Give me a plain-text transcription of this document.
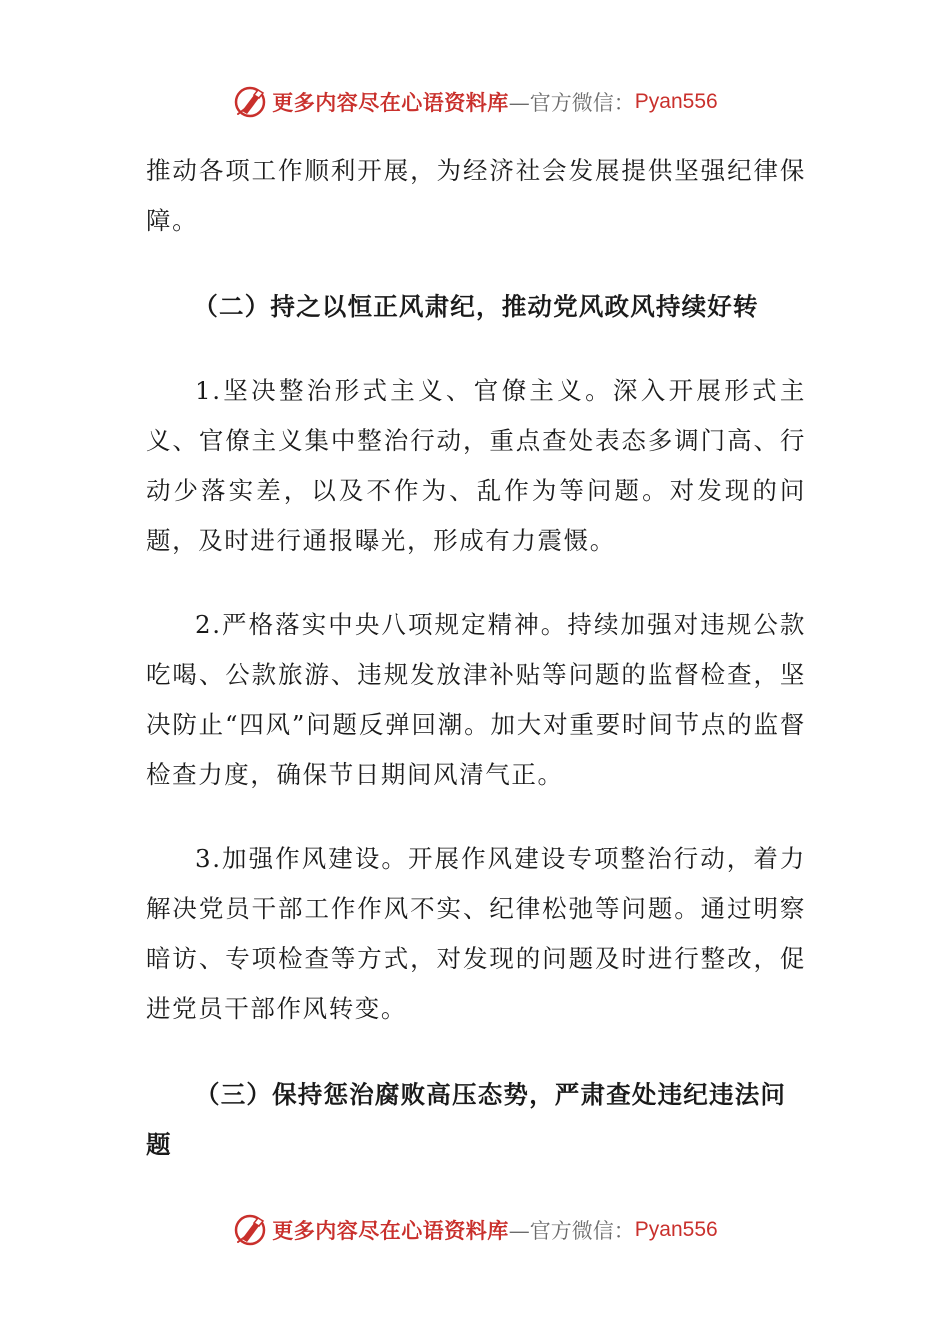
更多内容尽在心语资料库 —官方微信： Pyan556

推动各项工作顺利开展，为经济社会发展提供坚强纪律保障。

（二）持之以恒正风肃纪，推动党风政风持续好转

1.坚决整治形式主义、官僚主义。深入开展形式主义、官僚主义集中整治行动，重点查处表态多调门高、行动少落实差，以及不作为、乱作为等问题。对发现的问题，及时进行通报曝光，形成有力震慑。

2.严格落实中央八项规定精神。持续加强对违规公款吃喝、公款旅游、违规发放津补贴等问题的监督检查，坚决防止“四风”问题反弹回潮。加大对重要时间节点的监督检查力度，确保节日期间风清气正。

3.加强作风建设。开展作风建设专项整治行动，着力解决党员干部工作作风不实、纪律松弛等问题。通过明察暗访、专项检查等方式，对发现的问题及时进行整改，促进党员干部作风转变。

（三）保持惩治腐败高压态势，严肃查处违纪违法问题
更多内容尽在心语资料库 —官方微信： Pyan556
